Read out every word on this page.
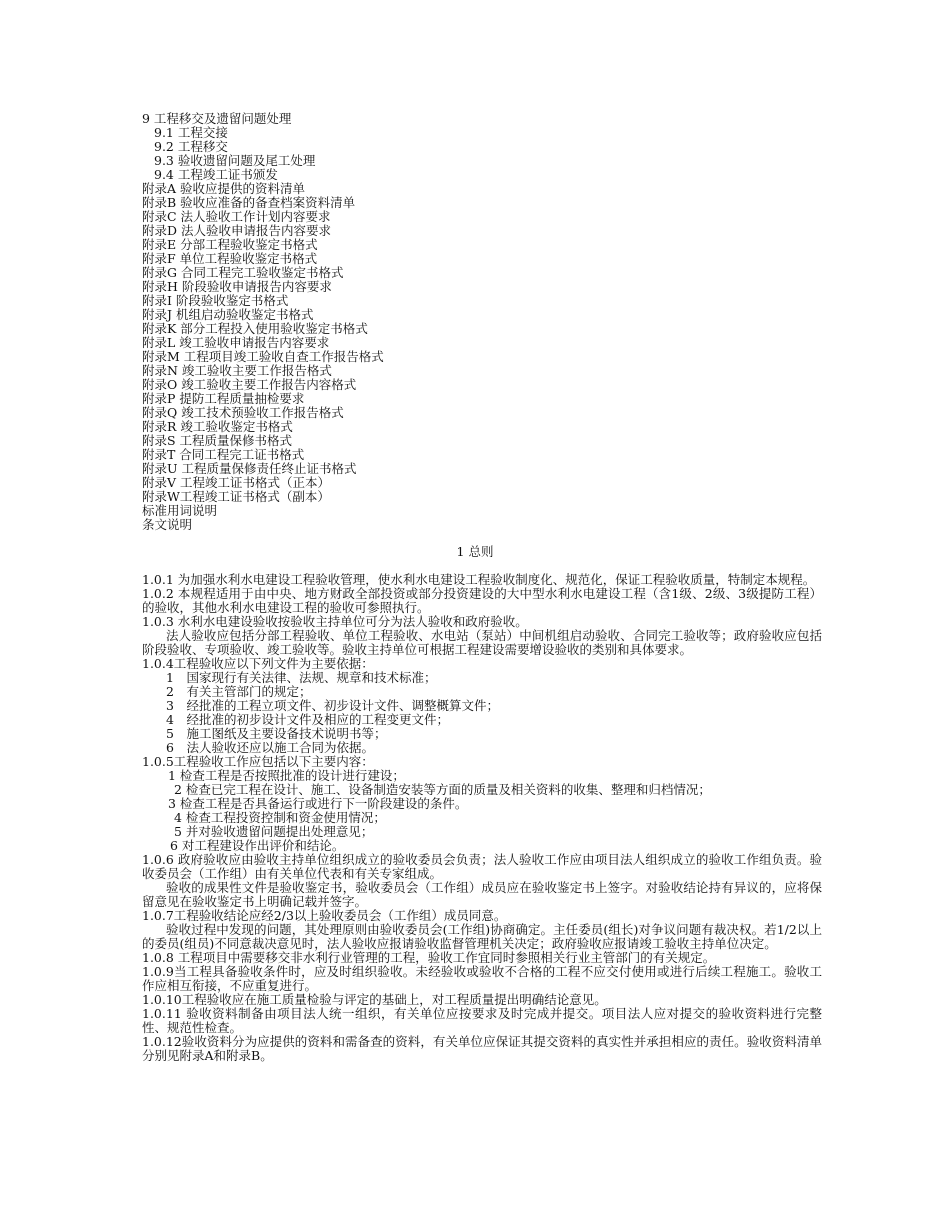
9 工程移交及遗留问题处理
9.1 工程交接
9.2 工程移交
9.3 验收遗留问题及尾工处理
9.4 工程竣工证书颁发
附录A 验收应提供的资料清单
附录B 验收应准备的备查档案资料清单
附录C 法人验收工作计划内容要求
附录D 法人验收申请报告内容要求
附录E 分部工程验收鉴定书格式
附录F 单位工程验收鉴定书格式
附录G 合同工程完工验收鉴定书格式
附录H 阶段验收申请报告内容要求
附录I 阶段验收鉴定书格式
附录J 机组启动验收鉴定书格式
附录K 部分工程投入使用验收鉴定书格式
附录L 竣工验收申请报告内容要求
附录M 工程项目竣工验收自查工作报告格式
附录N 竣工验收主要工作报告格式
附录O 竣工验收主要工作报告内容格式
附录P 提防工程质量抽检要求
附录Q 竣工技术预验收工作报告格式
附录R 竣工验收鉴定书格式
附录S 工程质量保修书格式
附录T 合同工程完工证书格式
附录U 工程质量保修责任终止证书格式
附录V 工程竣工证书格式（正本）
附录W工程竣工证书格式（副本）
标准用词说明
条文说明
1 总则
1.0.1 为加强水利水电建设工程验收管理，使水利水电建设工程验收制度化、规范化，保证工程验收质量，特制定本规程。
1.0.2 本规程适用于由中央、地方财政全部投资或部分投资建设的大中型水利水电建设工程（含1级、2级、3级提防工程）的验收，其他水利水电建设工程的验收可参照执行。
1.0.3 水利水电建设验收按验收主持单位可分为法人验收和政府验收。
法人验收应包括分部工程验收、单位工程验收、水电站（泵站）中间机组启动验收、合同完工验收等；政府验收应包括阶段验收、专项验收、竣工验收等。验收主持单位可根据工程建设需要增设验收的类别和具体要求。
1.0.4工程验收应以下列文件为主要依据：
1　国家现行有关法律、法规、规章和技术标准；
2　有关主管部门的规定；
3　经批准的工程立项文件、初步设计文件、调整概算文件；
4　经批准的初步设计文件及相应的工程变更文件；
5　施工图纸及主要设备技术说明书等；
6　法人验收还应以施工合同为依据。
1.0.5工程验收工作应包括以下主要内容：
1 检查工程是否按照批准的设计进行建设；
2 检查已完工程在设计、施工、设备制造安装等方面的质量及相关资料的收集、整理和归档情况；
3 检查工程是否具备运行或进行下一阶段建设的条件。
4 检查工程投资控制和资金使用情况；
5 并对验收遗留问题提出处理意见；
6 对工程建设作出评价和结论。
1.0.6 政府验收应由验收主持单位组织成立的验收委员会负责；法人验收工作应由项目法人组织成立的验收工作组负责。验收委员会（工作组）由有关单位代表和有关专家组成。
验收的成果性文件是验收鉴定书，验收委员会（工作组）成员应在验收鉴定书上签字。对验收结论持有异议的，应将保留意见在验收鉴定书上明确记载并签字。
1.0.7工程验收结论应经2/3以上验收委员会（工作组）成员同意。
验收过程中发现的问题，其处理原则由验收委员会(工作组)协商确定。主任委员(组长)对争议问题有裁决权。若1/2以上的委员(组员)不同意裁决意见时，法人验收应报请验收监督管理机关决定；政府验收应报请竣工验收主持单位决定。
1.0.8 工程项目中需要移交非水利行业管理的工程，验收工作宜同时参照相关行业主管部门的有关规定。
1.0.9当工程具备验收条件时，应及时组织验收。未经验收或验收不合格的工程不应交付使用或进行后续工程施工。验收工作应相互衔接，不应重复进行。
1.0.10工程验收应在施工质量检验与评定的基础上，对工程质量提出明确结论意见。
1.0.11 验收资料制备由项目法人统一组织，有关单位应按要求及时完成并提交。项目法人应对提交的验收资料进行完整性、规范性检查。
1.0.12验收资料分为应提供的资料和需备查的资料，有关单位应保证其提交资料的真实性并承担相应的责任。验收资料清单分别见附录A和附录B。
